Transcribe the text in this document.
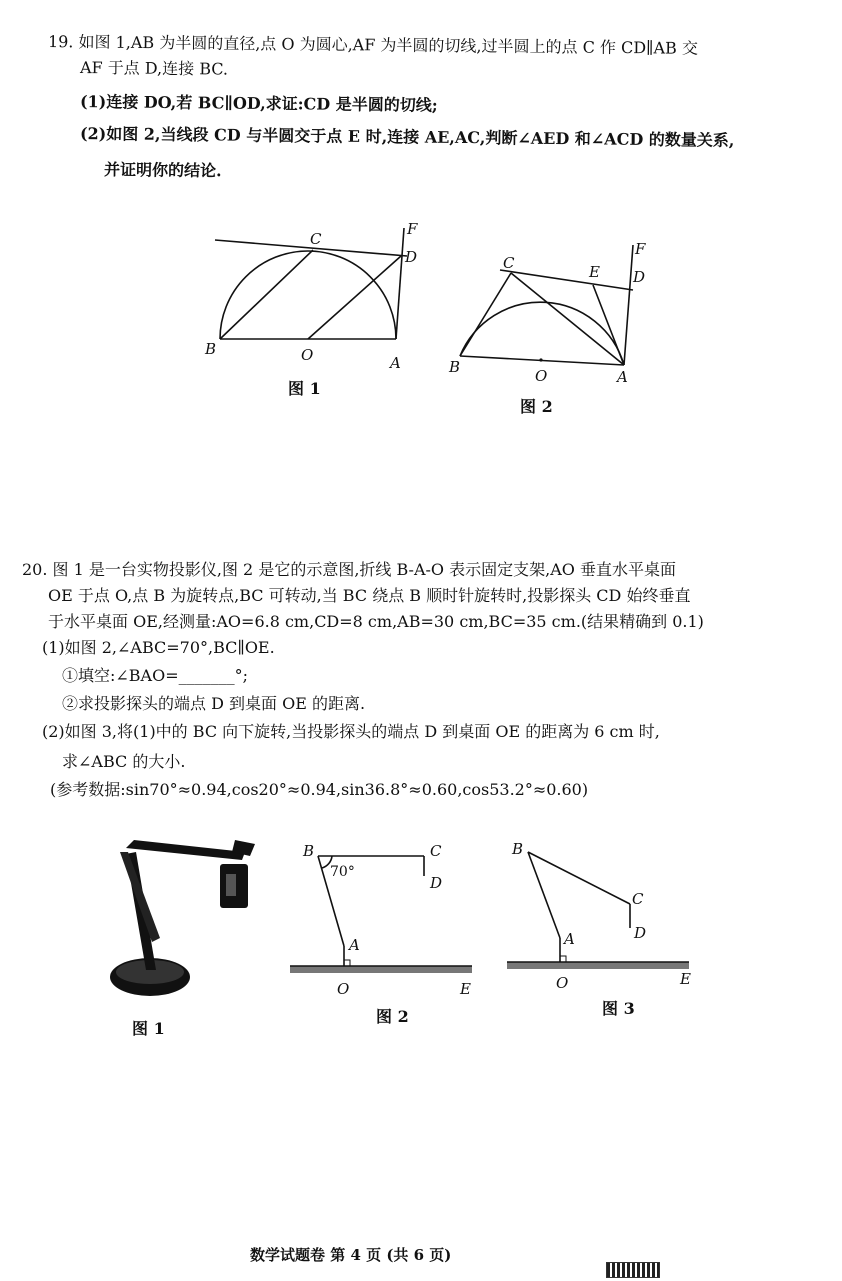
19. 如图 1,AB 为半圆的直径,点 O 为圆心,AF 为半圆的切线,过半圆上的点 C 作 CD∥AB 交
AF 于点 D,连接 BC.
(1)连接 DO,若 BC∥OD,求证:CD 是半圆的切线;
(2)如图 2,当线段 CD 与半圆交于点 E 时,连接 AE,AC,判断∠AED 和∠ACD 的数量关系,
并证明你的结论.
B	O	A
C
D
F
图 1
B	O	A
C	E D
F
图 2
20. 图 1 是一台实物投影仪,图 2 是它的示意图,折线 B-A-O 表示固定支架,AO 垂直水平桌面
OE 于点 O,点 B 为旋转点,BC 可转动,当 BC 绕点 B 顺时针旋转时,投影探头 CD 始终垂直
于水平桌面 OE,经测量:AO=6.8 cm,CD=8 cm,AB=30 cm,BC=35 cm.(结果精确到 0.1)
(1)如图 2,∠ABC=70°,BC∥OE.
①填空:∠BAO=_______°;
②求投影探头的端点 D 到桌面 OE 的距离.
(2)如图 3,将(1)中的 BC 向下旋转,当投影探头的端点 D 到桌面 OE 的距离为 6 cm 时,
求∠ABC 的大小.
(参考数据:sin70°≈0.94,cos20°≈0.94,sin36.8°≈0.60,cos53.2°≈0.60)
图 1
B
70°
C
D
A
O	E
图 2
B
C
D
A
O	E
图 3
数学试题卷 第 4 页 (共 6 页)
